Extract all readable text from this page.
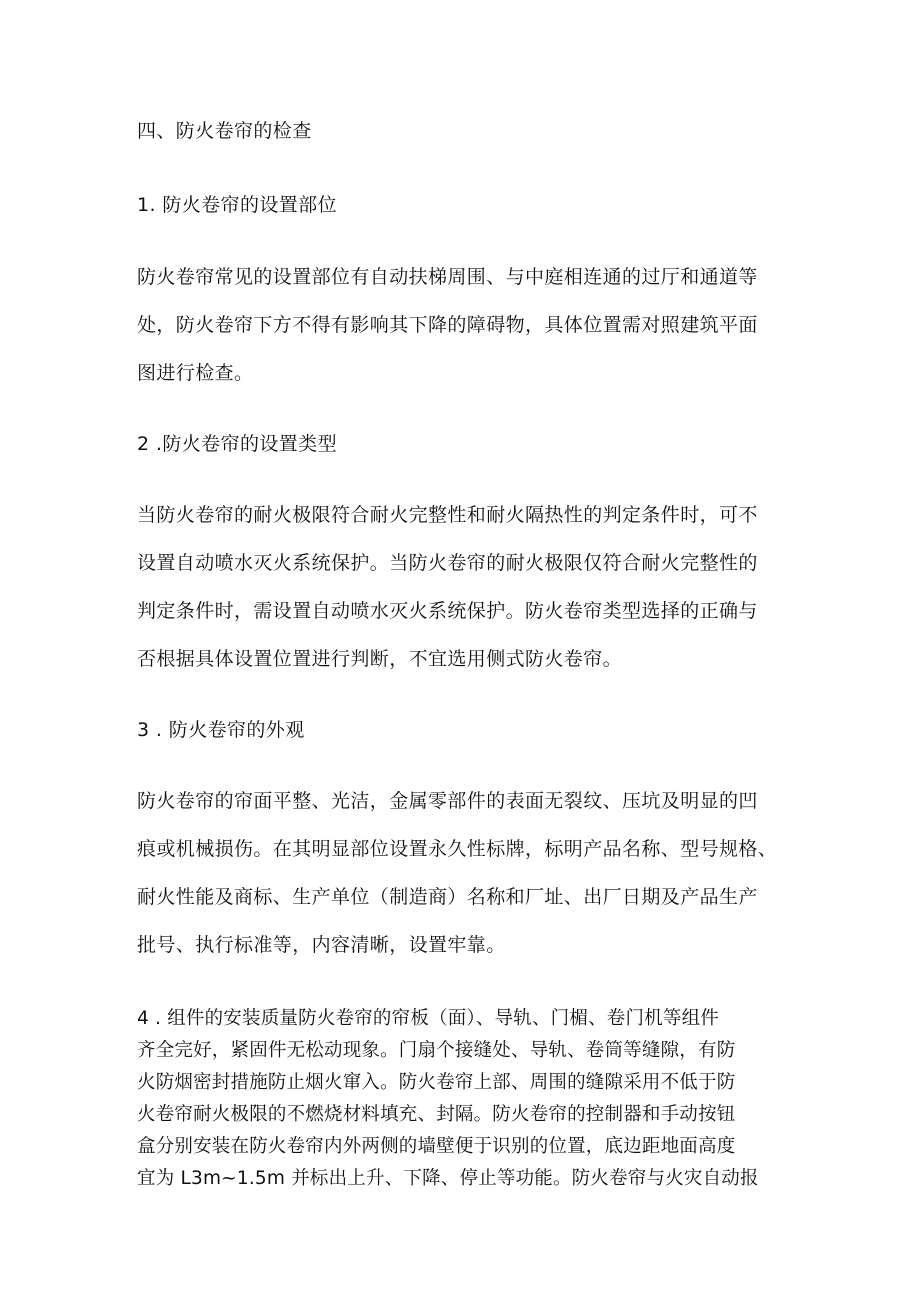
四、防火卷帘的检查
1. 防火卷帘的设置部位
防火卷帘常见的设置部位有自动扶梯周围、与中庭相连通的过厅和通道等
处，防火卷帘下方不得有影响其下降的障碍物，具体位置需对照建筑平面
图进行检查。
2 .防火卷帘的设置类型
当防火卷帘的耐火极限符合耐火完整性和耐火隔热性的判定条件时，可不
设置自动喷水灭火系统保护。当防火卷帘的耐火极限仅符合耐火完整性的
判定条件时，需设置自动喷水灭火系统保护。防火卷帘类型选择的正确与
否根据具体设置位置进行判断，不宜选用侧式防火卷帘。
3 . 防火卷帘的外观
防火卷帘的帘面平整、光洁，金属零部件的表面无裂纹、压坑及明显的凹
痕或机械损伤。在其明显部位设置永久性标牌，标明产品名称、型号规格、
耐火性能及商标、生产单位（制造商）名称和厂址、出厂日期及产品生产
批号、执行标准等，内容清晰，设置牢靠。
4 . 组件的安装质量防火卷帘的帘板（面）、导轨、门楣、卷门机等组件
齐全完好，紧固件无松动现象。门扇个接缝处、导轨、卷筒等缝隙，有防
火防烟密封措施防止烟火窜入。防火卷帘上部、周围的缝隙采用不低于防
火卷帘耐火极限的不燃烧材料填充、封隔。防火卷帘的控制器和手动按钮
盒分别安装在防火卷帘内外两侧的墙壁便于识别的位置，底边距地面高度
宜为 L3m~1.5m 并标出上升、下降、停止等功能。防火卷帘与火灾自动报
